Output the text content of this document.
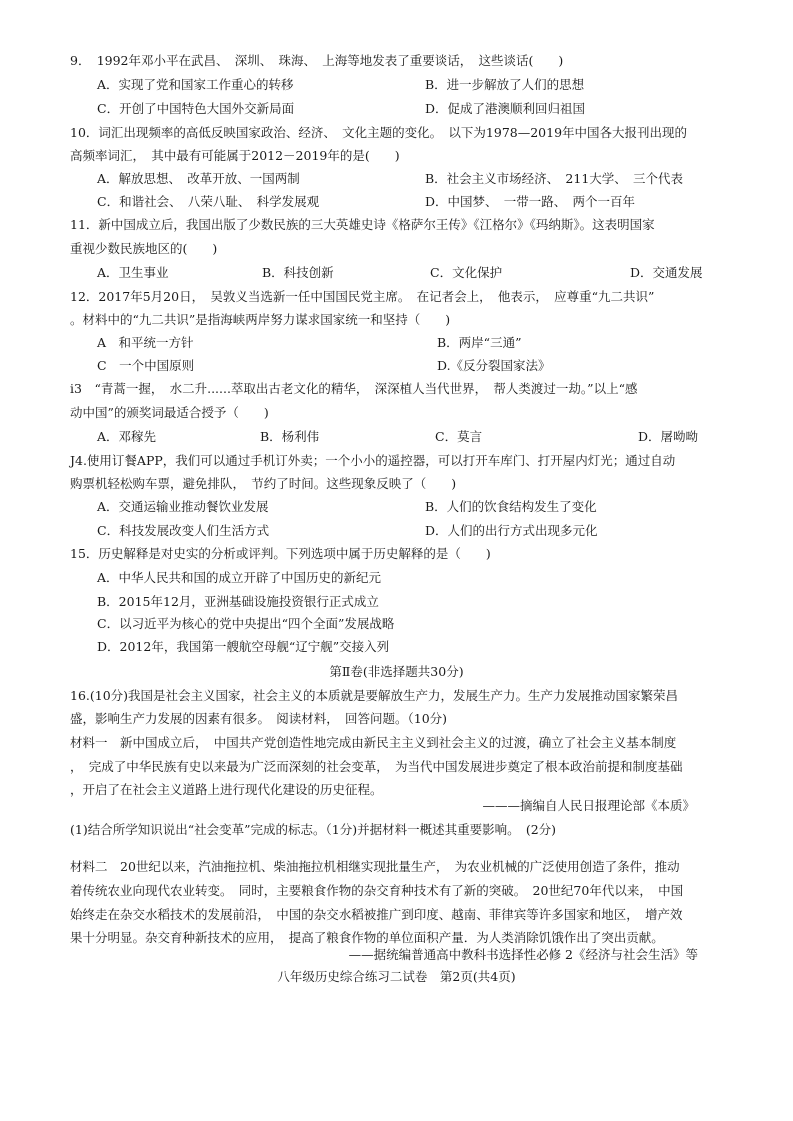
9．　1992年邓小平在武昌、　深圳、　珠海、　上海等地发表了重要谈话，　这些谈话(　　)
A．实现了党和国家工作重心的转移	B．进一步解放了人们的思想
C．开创了中国特色大国外交新局面	D．促成了港澳顺利回归祖国
10．词汇出现频率的高低反映国家政治、经济、　文化主题的变化。　以下为1978—2019年中国各大报刊出现的
高频率词汇，　其中最有可能属于2012－2019年的是(　　)
A．解放思想、　改革开放、一国两制	B．社会主义市场经济、　211大学、　三个代表
C．和谐社会、　八荣八耻、　科学发展观	D．中国梦、　一带一路、　两个一百年
11．新中国成立后，我国出版了少数民族的三大英雄史诗《格萨尔王传》《江格尔》《玛纳斯》。这表明国家
重视少数民族地区的(　　)
A．卫生事业	B．科技创新	C．文化保护	D．交通发展
12．2017年5月20日，　吴敦义当选新一任中国国民党主席。　在记者会上，　他表示，　应尊重“九二共识”
。材料中的“九二共识”是指海峡两岸努力谋求国家统一和坚持（　　)
A　和平统一方针	B．两岸“三通”
C　一个中国原则	D.《反分裂国家法》
i3　“青蒿一握，　水二升......萃取出古老文化的精华，　深深植人当代世界，　帮人类渡过一劫。”以上“感
动中国”的颁奖词最适合授予（　　)
A．邓稼先	B．杨利伟	C．莫言	D．屠呦呦
J4.使用订餐APP，我们可以通过手机订外卖；一个小小的遥控器，可以打开车库门、打开屋内灯光；通过自动
购票机轻松购车票，避免排队，　节约了时间。这些现象反映了（　　)
A．交通运输业推动餐饮业发展	B．人们的饮食结构发生了变化
C．科技发展改变人们生活方式	D．人们的出行方式出现多元化
15．历史解释是对史实的分析或评判。下列选项中属于历史解释的是（　　)
A．中华人民共和国的成立开辟了中国历史的新纪元
B．2015年12月，亚洲基础设施投资银行正式成立
C．以习近平为核心的党中央提出“四个全面”发展战略
D．2012年，我国第一艘航空母舰“辽宁舰”交接入列
第Ⅱ卷(非选择题共30分)
16.(10分)我国是社会主义国家，社会主义的本质就是要解放生产力，发展生产力。生产力发展推动国家繁荣昌
盛，影响生产力发展的因素有很多。　阅读材料，　回答问题。（10分)
材料一　新中国成立后，　中国共产党创造性地完成由新民主主义到社会主义的过渡，确立了社会主义基本制度
，　完成了中华民族有史以来最为广泛而深刻的社会变革，　为当代中国发展进步奠定了根本政治前提和制度基础
，开启了在社会主义道路上进行现代化建设的历史征程。
———摘编自人民日报理论部《本质》
(1)结合所学知识说出“社会变革”完成的标志。（1分)并据材料一概述其重要影响。　(2分)
材料二　20世纪以来，汽油拖拉机、柴油拖拉机相继实现批量生产，　为农业机械的广泛使用创造了条件，推动
着传统农业向现代农业转变。　同时，主要粮食作物的杂交育种技术有了新的突破。　20世纪70年代以来，　中国
始终走在杂交水稻技术的发展前沿，　中国的杂交水稻被推广到印度、越南、菲律宾等许多国家和地区，　增产效
果十分明显。杂交育种新技术的应用，　提高了粮食作物的单位面积产量．为人类消除饥饿作出了突出贡献。
——据统编普通高中教科书选择性必修 2《经济与社会生活》等
八年级历史综合练习二试卷　第2页(共4页)
